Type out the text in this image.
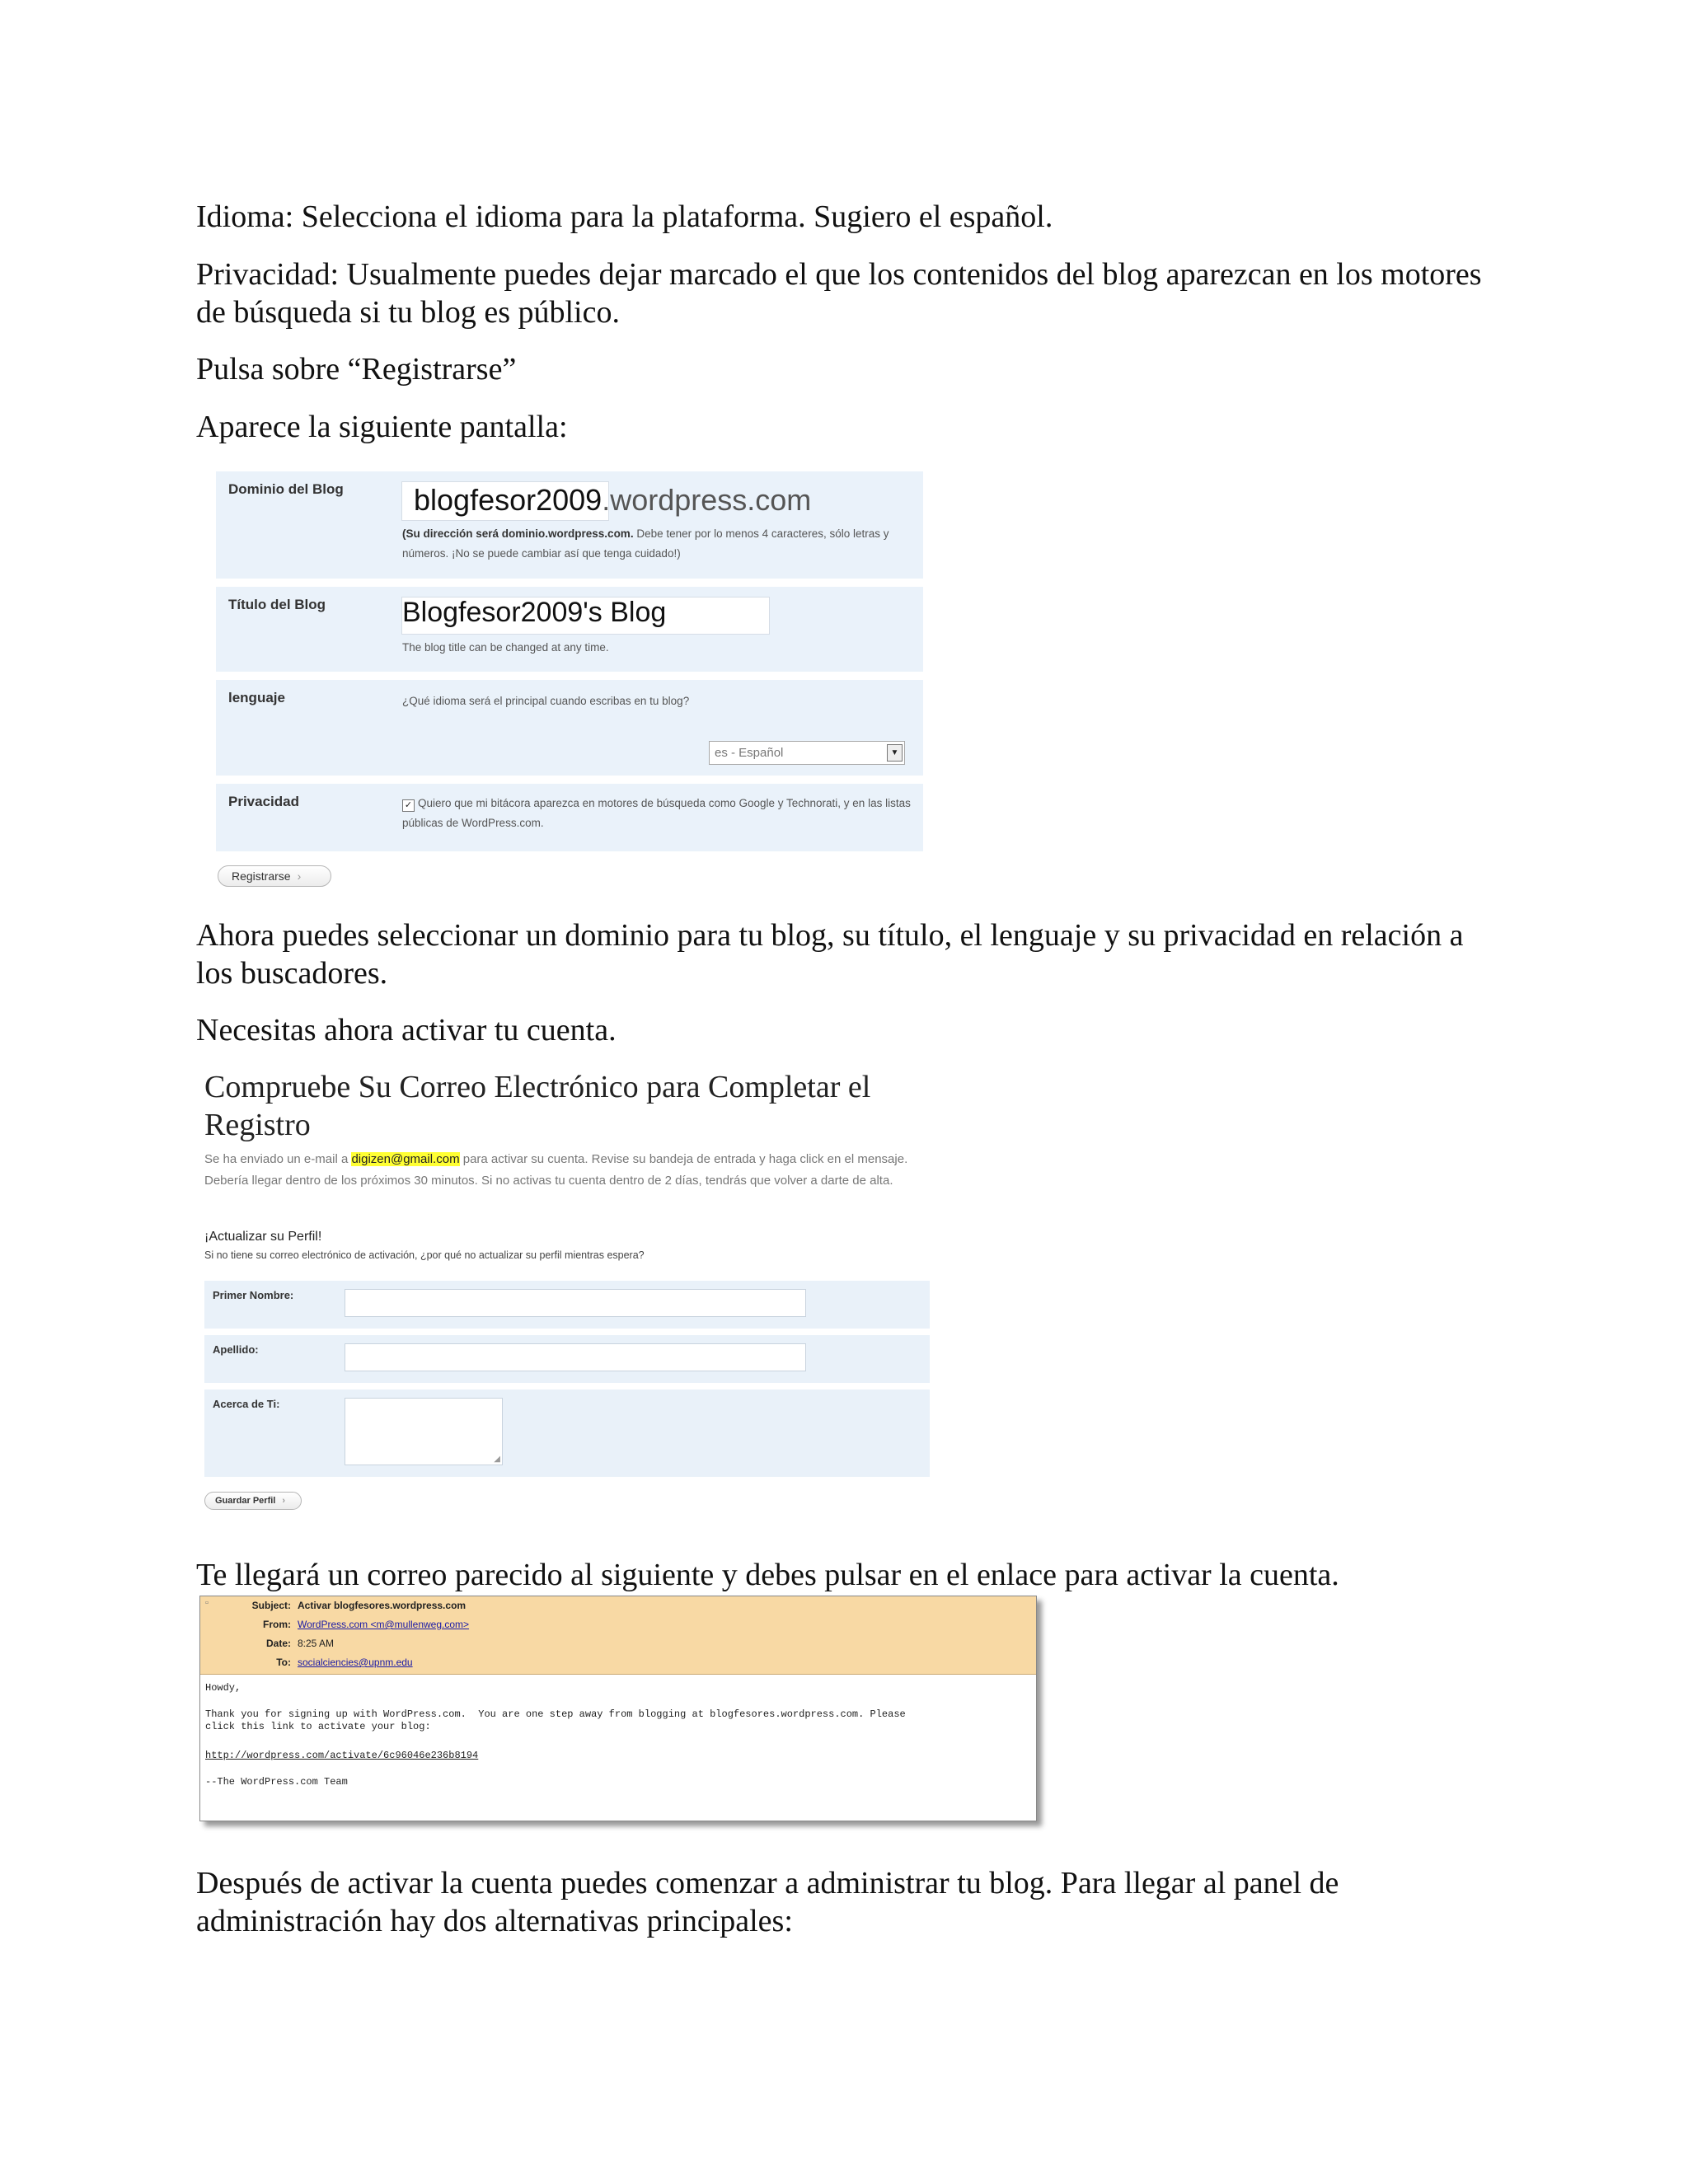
Idioma: Selecciona el idioma para la plataforma. Sugiero el español.

Privacidad: Usualmente puedes dejar marcado el que los contenidos del blog aparezcan en los motores de búsqueda si tu blog es público.

Pulsa sobre “Registrarse”

Aparece la siguiente pantalla:

Dominio del Blog blogfesor2009.wordpress.com
(Su dirección será dominio.wordpress.com. Debe tener por lo menos 4 caracteres, sólo letras y números. ¡No se puede cambiar así que tenga cuidado!)
Título del Blog	Blogfesor2009's Blog
The blog title can be changed at any time.
lenguaje	¿Qué idioma será el principal cuando escribas en tu blog?
es - Español	▼
Privacidad	✓ Quiero que mi bitácora aparezca en motores de búsqueda como Google y Technorati, y en las listas públicas de WordPress.com.
Registrarse ›

Ahora puedes seleccionar un dominio para tu blog, su título, el lenguaje y su privacidad en relación a los buscadores.

Necesitas ahora activar tu cuenta.

Compruebe Su Correo Electrónico para Completar el Registro
Se ha enviado un e-mail a digizen@gmail.com para activar su cuenta. Revise su bandeja de entrada y haga click en el mensaje. Debería llegar dentro de los próximos 30 minutos. Si no activas tu cuenta dentro de 2 días, tendrás que volver a darte de alta.
¡Actualizar su Perfil!
Si no tiene su correo electrónico de activación, ¿por qué no actualizar su perfil mientras espera?
Primer Nombre:
Apellido:
Acerca de Ti:
◢
Guardar Perfil ›

Te llegará un correo parecido al siguiente y debes pulsar en el enlace para activar la cuenta.

▫	Subject: Activar blogfesores.wordpress.com
From: WordPress.com <m@mullenweg.com>
Date: 8:25 AM
To: socialciencies@upnm.edu
Howdy,
Thank you for signing up with WordPress.com.  You are one step away from blogging at blogfesores.wordpress.com. Please
click this link to activate your blog:
http://wordpress.com/activate/6c96046e236b8194
--The WordPress.com Team

Después de activar la cuenta puedes comenzar a administrar tu blog. Para llegar al panel de administración hay dos alternativas principales:
